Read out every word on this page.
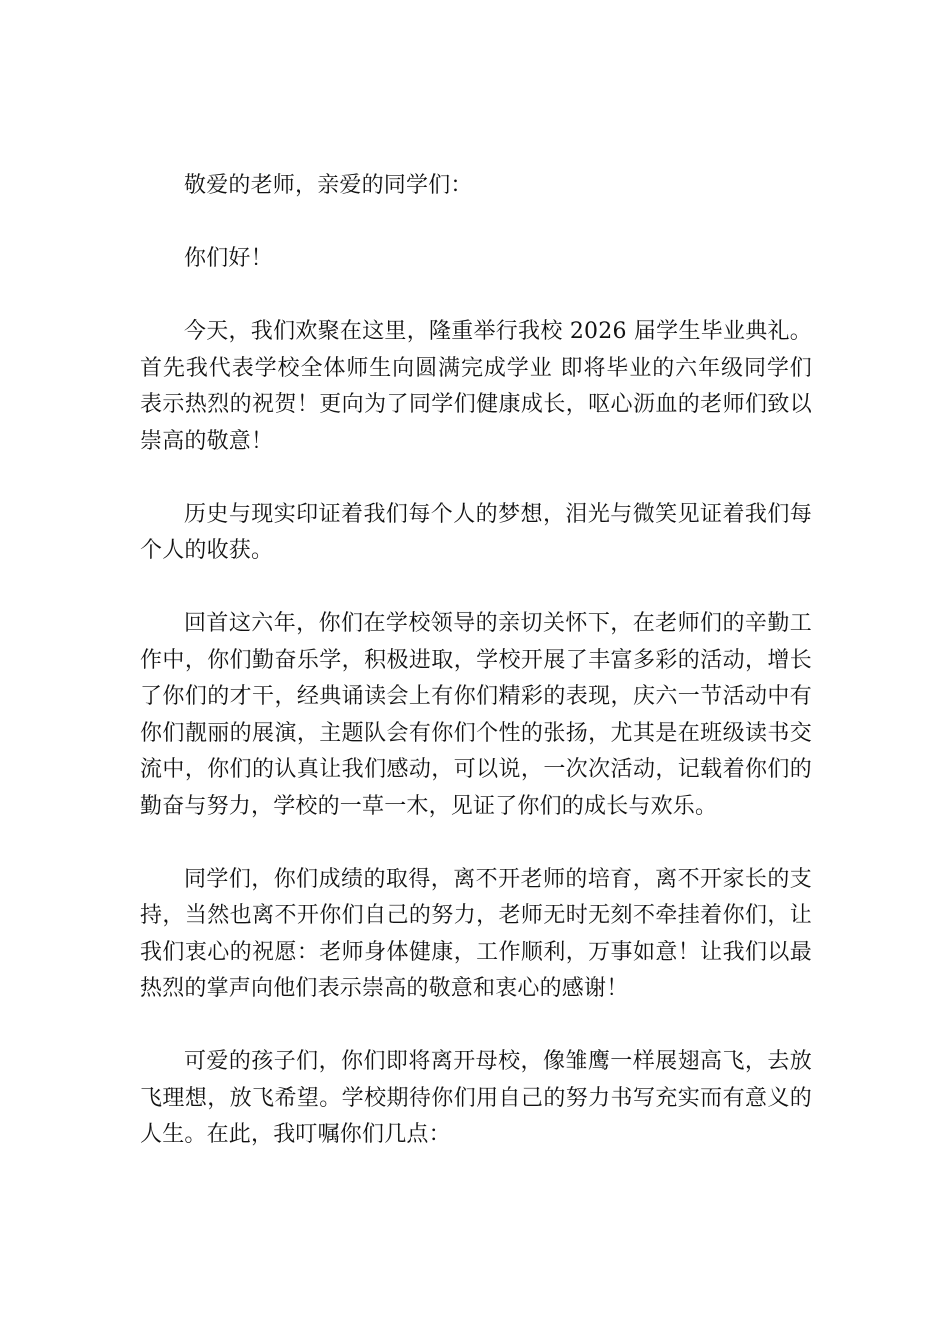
敬爱的老师，亲爱的同学们：

你们好！

今天，我们欢聚在这里，隆重举行我校 2026 届学生毕业典礼。首先我代表学校全体师生向圆满完成学业 即将毕业的六年级同学们表示热烈的祝贺！更向为了同学们健康成长，呕心沥血的老师们致以崇高的敬意！

历史与现实印证着我们每个人的梦想，泪光与微笑见证着我们每个人的收获。

回首这六年，你们在学校领导的亲切关怀下，在老师们的辛勤工作中，你们勤奋乐学，积极进取，学校开展了丰富多彩的活动，增长了你们的才干，经典诵读会上有你们精彩的表现，庆六一节活动中有你们靓丽的展演，主题队会有你们个性的张扬，尤其是在班级读书交流中，你们的认真让我们感动，可以说，一次次活动，记载着你们的勤奋与努力，学校的一草一木，见证了你们的成长与欢乐。

同学们，你们成绩的取得，离不开老师的培育，离不开家长的支持，当然也离不开你们自己的努力，老师无时无刻不牵挂着你们，让我们衷心的祝愿：老师身体健康，工作顺利，万事如意！让我们以最热烈的掌声向他们表示崇高的敬意和衷心的感谢！

可爱的孩子们，你们即将离开母校，像雏鹰一样展翅高飞，去放飞理想，放飞希望。学校期待你们用自己的努力书写充实而有意义的人生。在此，我叮嘱你们几点：
